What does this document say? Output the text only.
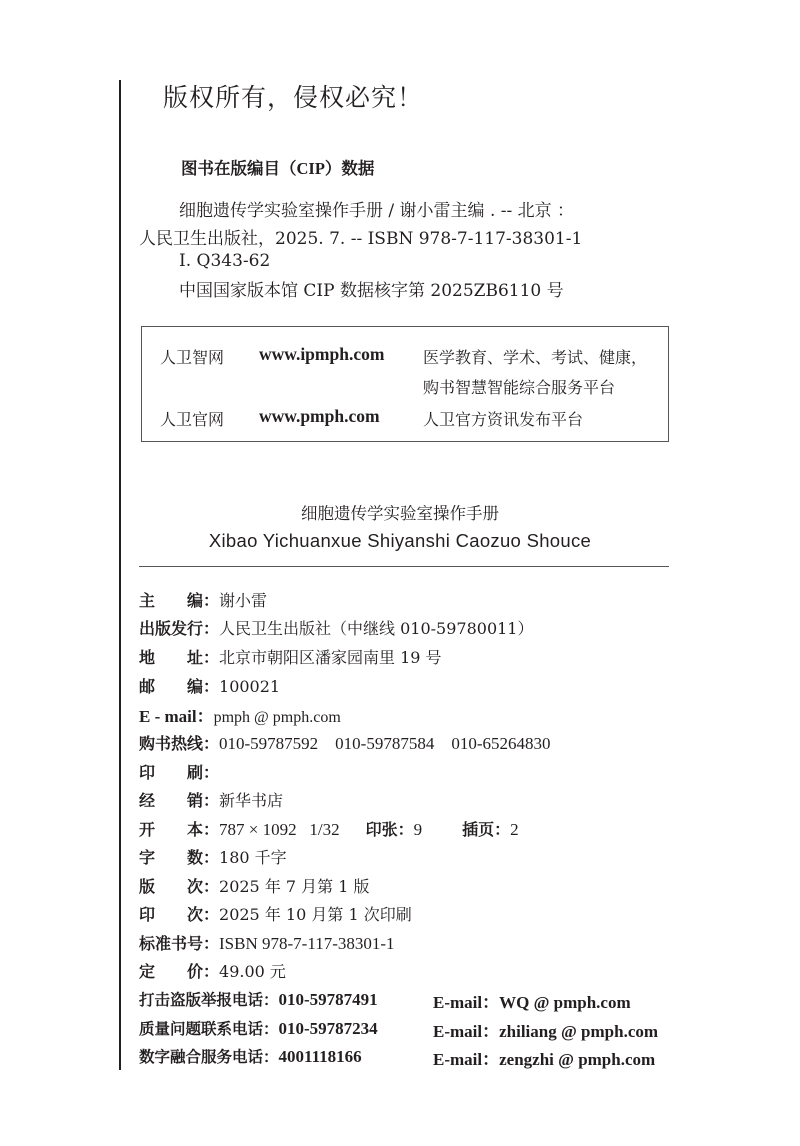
版权所有，侵权必究！
图书在版编目（CIP）数据
细胞遗传学实验室操作手册 / 谢小雷主编 . -- 北京 ：
人民卫生出版社，2025. 7. -- ISBN 978-7-117-38301-1
Ⅰ. Q343-62
中国国家版本馆 CIP 数据核字第 2025ZB6110 号
人卫智网 www.ipmph.com 医学教育、学术、考试、健康，
购书智慧智能综合服务平台
人卫官网 www.pmph.com	人卫官方资讯发布平台
细胞遗传学实验室操作手册
Xibao Yichuanxue Shiyanshi Caozuo Shouce
主　　编：谢小雷
出版发行：人民卫生出版社（中继线 010-59780011）
地　　址：北京市朝阳区潘家园南里 19 号
邮　　编：100021
E - mail：pmph @ pmph.com
购书热线：010-59787592    010-59787584    010-65264830
印　　刷：
经　　销：新华书店
开　　本：787 × 1092   1/32 印张：9	插页：2
字　　数：180 千字
版　　次：2025 年 7 月第 1 版
印　　次：2025 年 10 月第 1 次印刷
标准书号：ISBN 978-7-117-38301-1
定　　价：49.00 元
打击盗版举报电话：010-59787491	E-mail：WQ @ pmph.com
质量问题联系电话：010-59787234	E-mail：zhiliang @ pmph.com
数字融合服务电话：4001118166	E-mail：zengzhi @ pmph.com
